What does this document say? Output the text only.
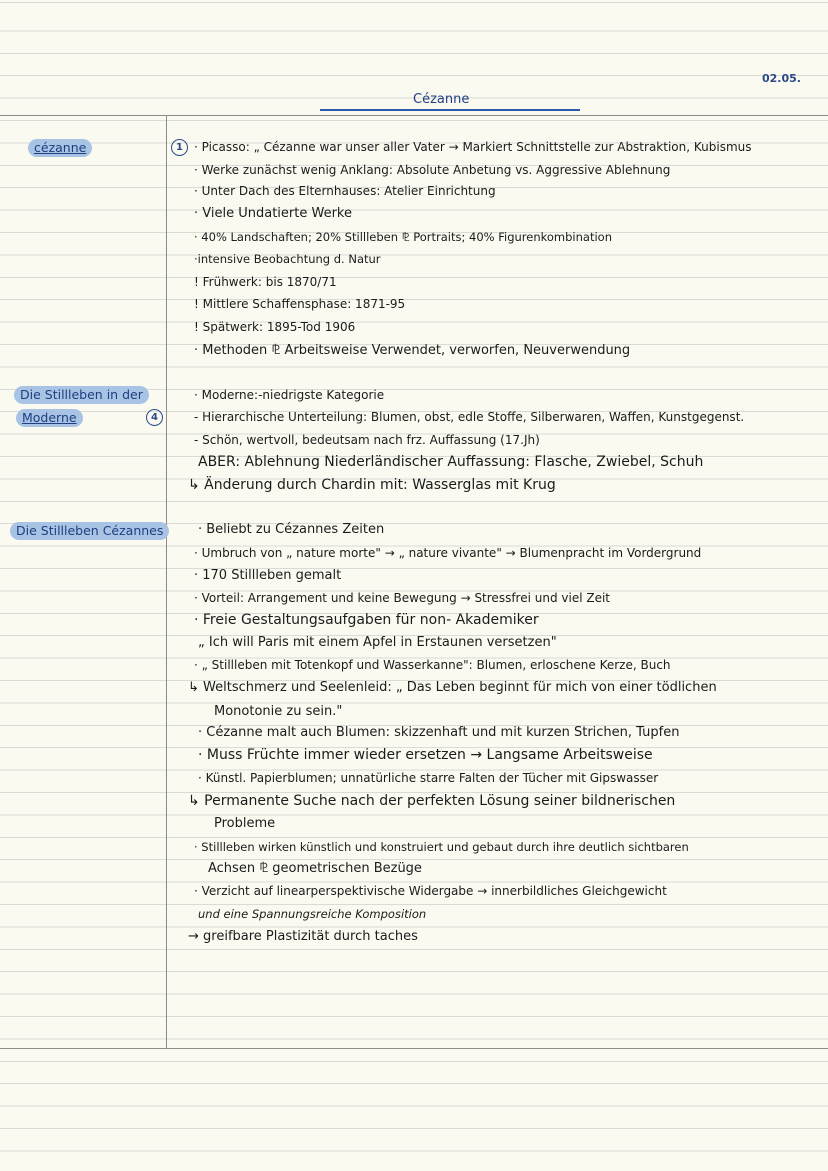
02.05.
Cézanne
cézanne
Die Stillleben in der
Moderne	4
Die Stillleben Cézannes
1 · Picasso: „ Cézanne war unser aller Vater → Markiert Schnittstelle zur Abstraktion, Kubismus
· Werke zunächst wenig Anklang: Absolute Anbetung vs. Aggressive Ablehnung
· Unter Dach des Elternhauses: Atelier Einrichtung
· Viele Undatierte Werke
· 40% Landschaften; 20% Stillleben ⅊ Portraits; 40% Figurenkombination
·intensive Beobachtung d. Natur
! Frühwerk: bis 1870/71
! Mittlere Schaffensphase: 1871-95
! Spätwerk: 1895-Tod 1906
· Methoden ⅊ Arbeitsweise Verwendet, verworfen, Neuverwendung
· Moderne:-niedrigste Kategorie
- Hierarchische Unterteilung: Blumen, obst, edle Stoffe, Silberwaren, Waffen, Kunstgegenst.
- Schön, wertvoll, bedeutsam nach frz. Auffassung (17.Jh)
ABER: Ablehnung Niederländischer Auffassung: Flasche, Zwiebel, Schuh
↳ Änderung durch Chardin mit: Wasserglas mit Krug
· Beliebt zu Cézannes Zeiten
· Umbruch von „ nature morte" → „ nature vivante" → Blumenpracht im Vordergrund
· 170 Stillleben gemalt
· Vorteil: Arrangement und keine Bewegung → Stressfrei und viel Zeit
· Freie Gestaltungsaufgaben für non- Akademiker
„ Ich will Paris mit einem Apfel in Erstaunen versetzen"
· „ Stillleben mit Totenkopf und Wasserkanne": Blumen, erloschene Kerze, Buch
↳ Weltschmerz und Seelenleid: „ Das Leben beginnt für mich von einer tödlichen
Monotonie zu sein."
· Cézanne malt auch Blumen: skizzenhaft und mit kurzen Strichen, Tupfen
· Muss Früchte immer wieder ersetzen → Langsame Arbeitsweise
· Künstl. Papierblumen; unnatürliche starre Falten der Tücher mit Gipswasser
↳ Permanente Suche nach der perfekten Lösung seiner bildnerischen
Probleme
· Stillleben wirken künstlich und konstruiert und gebaut durch ihre deutlich sichtbaren
Achsen ⅊ geometrischen Bezüge
· Verzicht auf linearperspektivische Widergabe → innerbildliches Gleichgewicht
und eine Spannungsreiche Komposition
→ greifbare Plastizität durch taches
